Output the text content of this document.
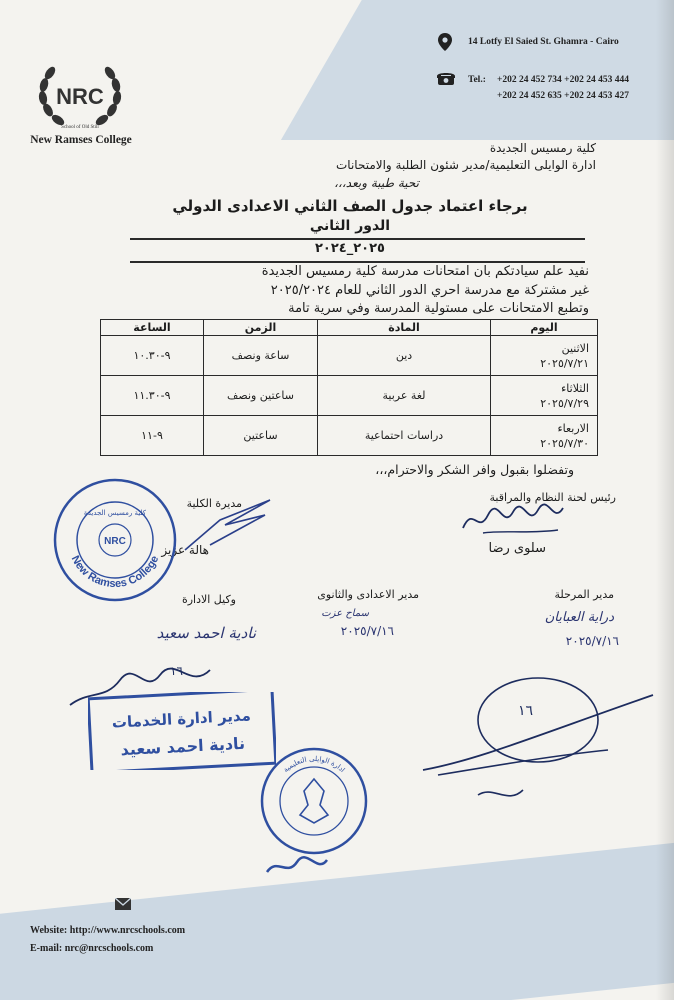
NRC
School of Old Still
New Ramses College
14 Lotfy El Saied St. Ghamra - Cairo
Tel.: +202 24 452 734 +202 24 453 444
+202 24 452 635 +202 24 453 427
كلية رمسيس الجديدة
ادارة الوايلى التعليمية/مدير شئون الطلبة والامتحانات
تحية طيبة وبعد،،،
برجاء اعتماد جدول الصف الثاني الاعدادى الدولي
الدور الثاني
٢٠٢٥_٢٠٢٤
نفيد علم سيادتكم بان امتحانات مدرسة كلية رمسيس الجديدة
غير مشتركة مع مدرسة احري الدور الثاني للعام ٢٠٢٥/٢٠٢٤
وتطبع الامتحانات على مستولية المدرسة وفي سرية تامة
اليوم	المادة	الزمن	الساعة

الاثنين
٢٠٢٥/٧/٢١	دين	ساعة ونصف	٩-١٠.٣٠

الثلاثاء
٢٠٢٥/٧/٢٩	لغة عربية	ساعتين ونصف	٩-١١.٣٠

الاربعاء
٢٠٢٥/٧/٣٠	دراسات احتماعية	ساعتين	٩-١١
وتفضلوا بقبول وافر الشكر والاحترام،،،
رئيس لحنة النظام والمراقبة
سلوى رضا
مديرة الكلية
هالة عزيز
New Ramses College
NRC
كلية رمسيس الجديدة
مدير المرحلة
دراية العبايان
٢٠٢٥/٧/١٦
مدير الاعدادى والثانوى
سماح عزت
٢٠٢٥/٧/١٦
وكيل الادارة
نادية احمد سعيد
١٦
مدير ادارة الخدمات
نادية احمد سعيد
١٦
ادارة الوايلى التعليمية
Website: http://www.nrcschools.com
E-mail: nrc@nrcschools.com
